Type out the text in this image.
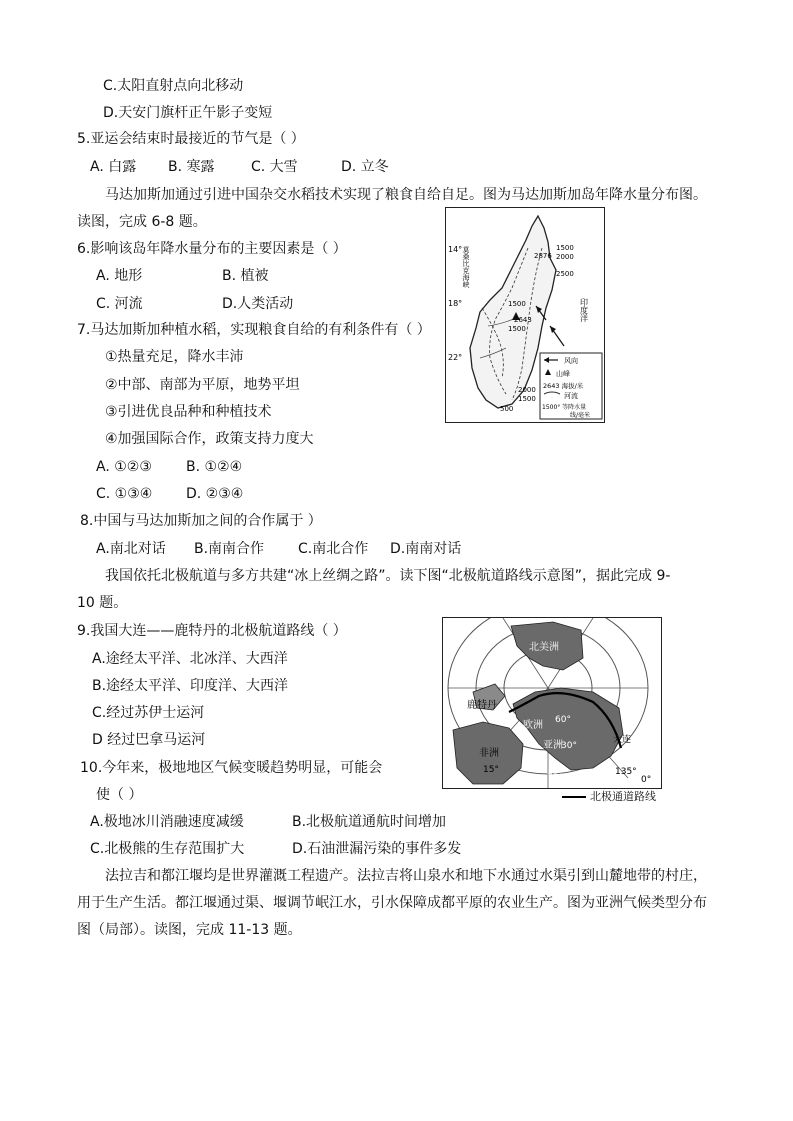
C.太阳直射点向北移动
D.天安门旗杆正午影子变短
5.亚运会结束时最接近的节气是（ ）
A. 白露 B. 寒露	C. 大雪	D. 立冬
马达加斯加通过引进中国杂交水稻技术实现了粮食自给自足。图为马达加斯加岛年降水量分布图。
读图，完成 6-8 题。
6.影响该岛年降水量分布的主要因素是（ ）
A. 地形	B. 植被
C. 河流	D.人类活动
7.马达加斯加种植水稻，实现粮食自给的有利条件有（ ）
①热量充足，降水丰沛
②中部、南部为平原，地势平坦
③引进优良品种和种植技术
④加强国际合作，政策支持力度大
A. ①②③ B. ①②④
C. ①③④ D. ②③④
8.中国与马达加斯加之间的合作属于 ）
A.南北对话 B.南南合作 C.南北合作 D.南南对话
我国依托北极航道与多方共建“冰上丝绸之路”。读下图“北极航道路线示意图”，据此完成 9-
10 题。
9.我国大连——鹿特丹的北极航道路线（ ）
A.途经太平洋、北冰洋、大西洋
B.途经太平洋、印度洋、大西洋
C.经过苏伊士运河
D 经过巴拿马运河
10.今年来，极地地区气候变暖趋势明显，可能会
使（ ）
A.极地冰川消融速度减缓	B.北极航道通航时间增加
C.北极熊的生存范围扩大	D.石油泄漏污染的事件多发
法拉吉和都江堰均是世界灌溉工程遗产。法拉吉将山泉水和地下水通过水渠引到山麓地带的村庄，
用于生产生活。都江堰通过渠、堰调节岷江水，引水保障成都平原的农业生产。图为亚洲气候类型分布
图（局部）。读图，完成 11-13 题。
14°
18°
22°
莫桑比克海峡
印度洋
1500
2000
2876
2500
1500
2643
1500
2000
1500
500
风向
山峰
2643 海拔/米
河流
1500° 等降水量
线/毫米
北美洲
鹿特丹
欧洲
亚洲
非洲
大连
60°
30°
15°
75°
135°
0°
北极通道路线
